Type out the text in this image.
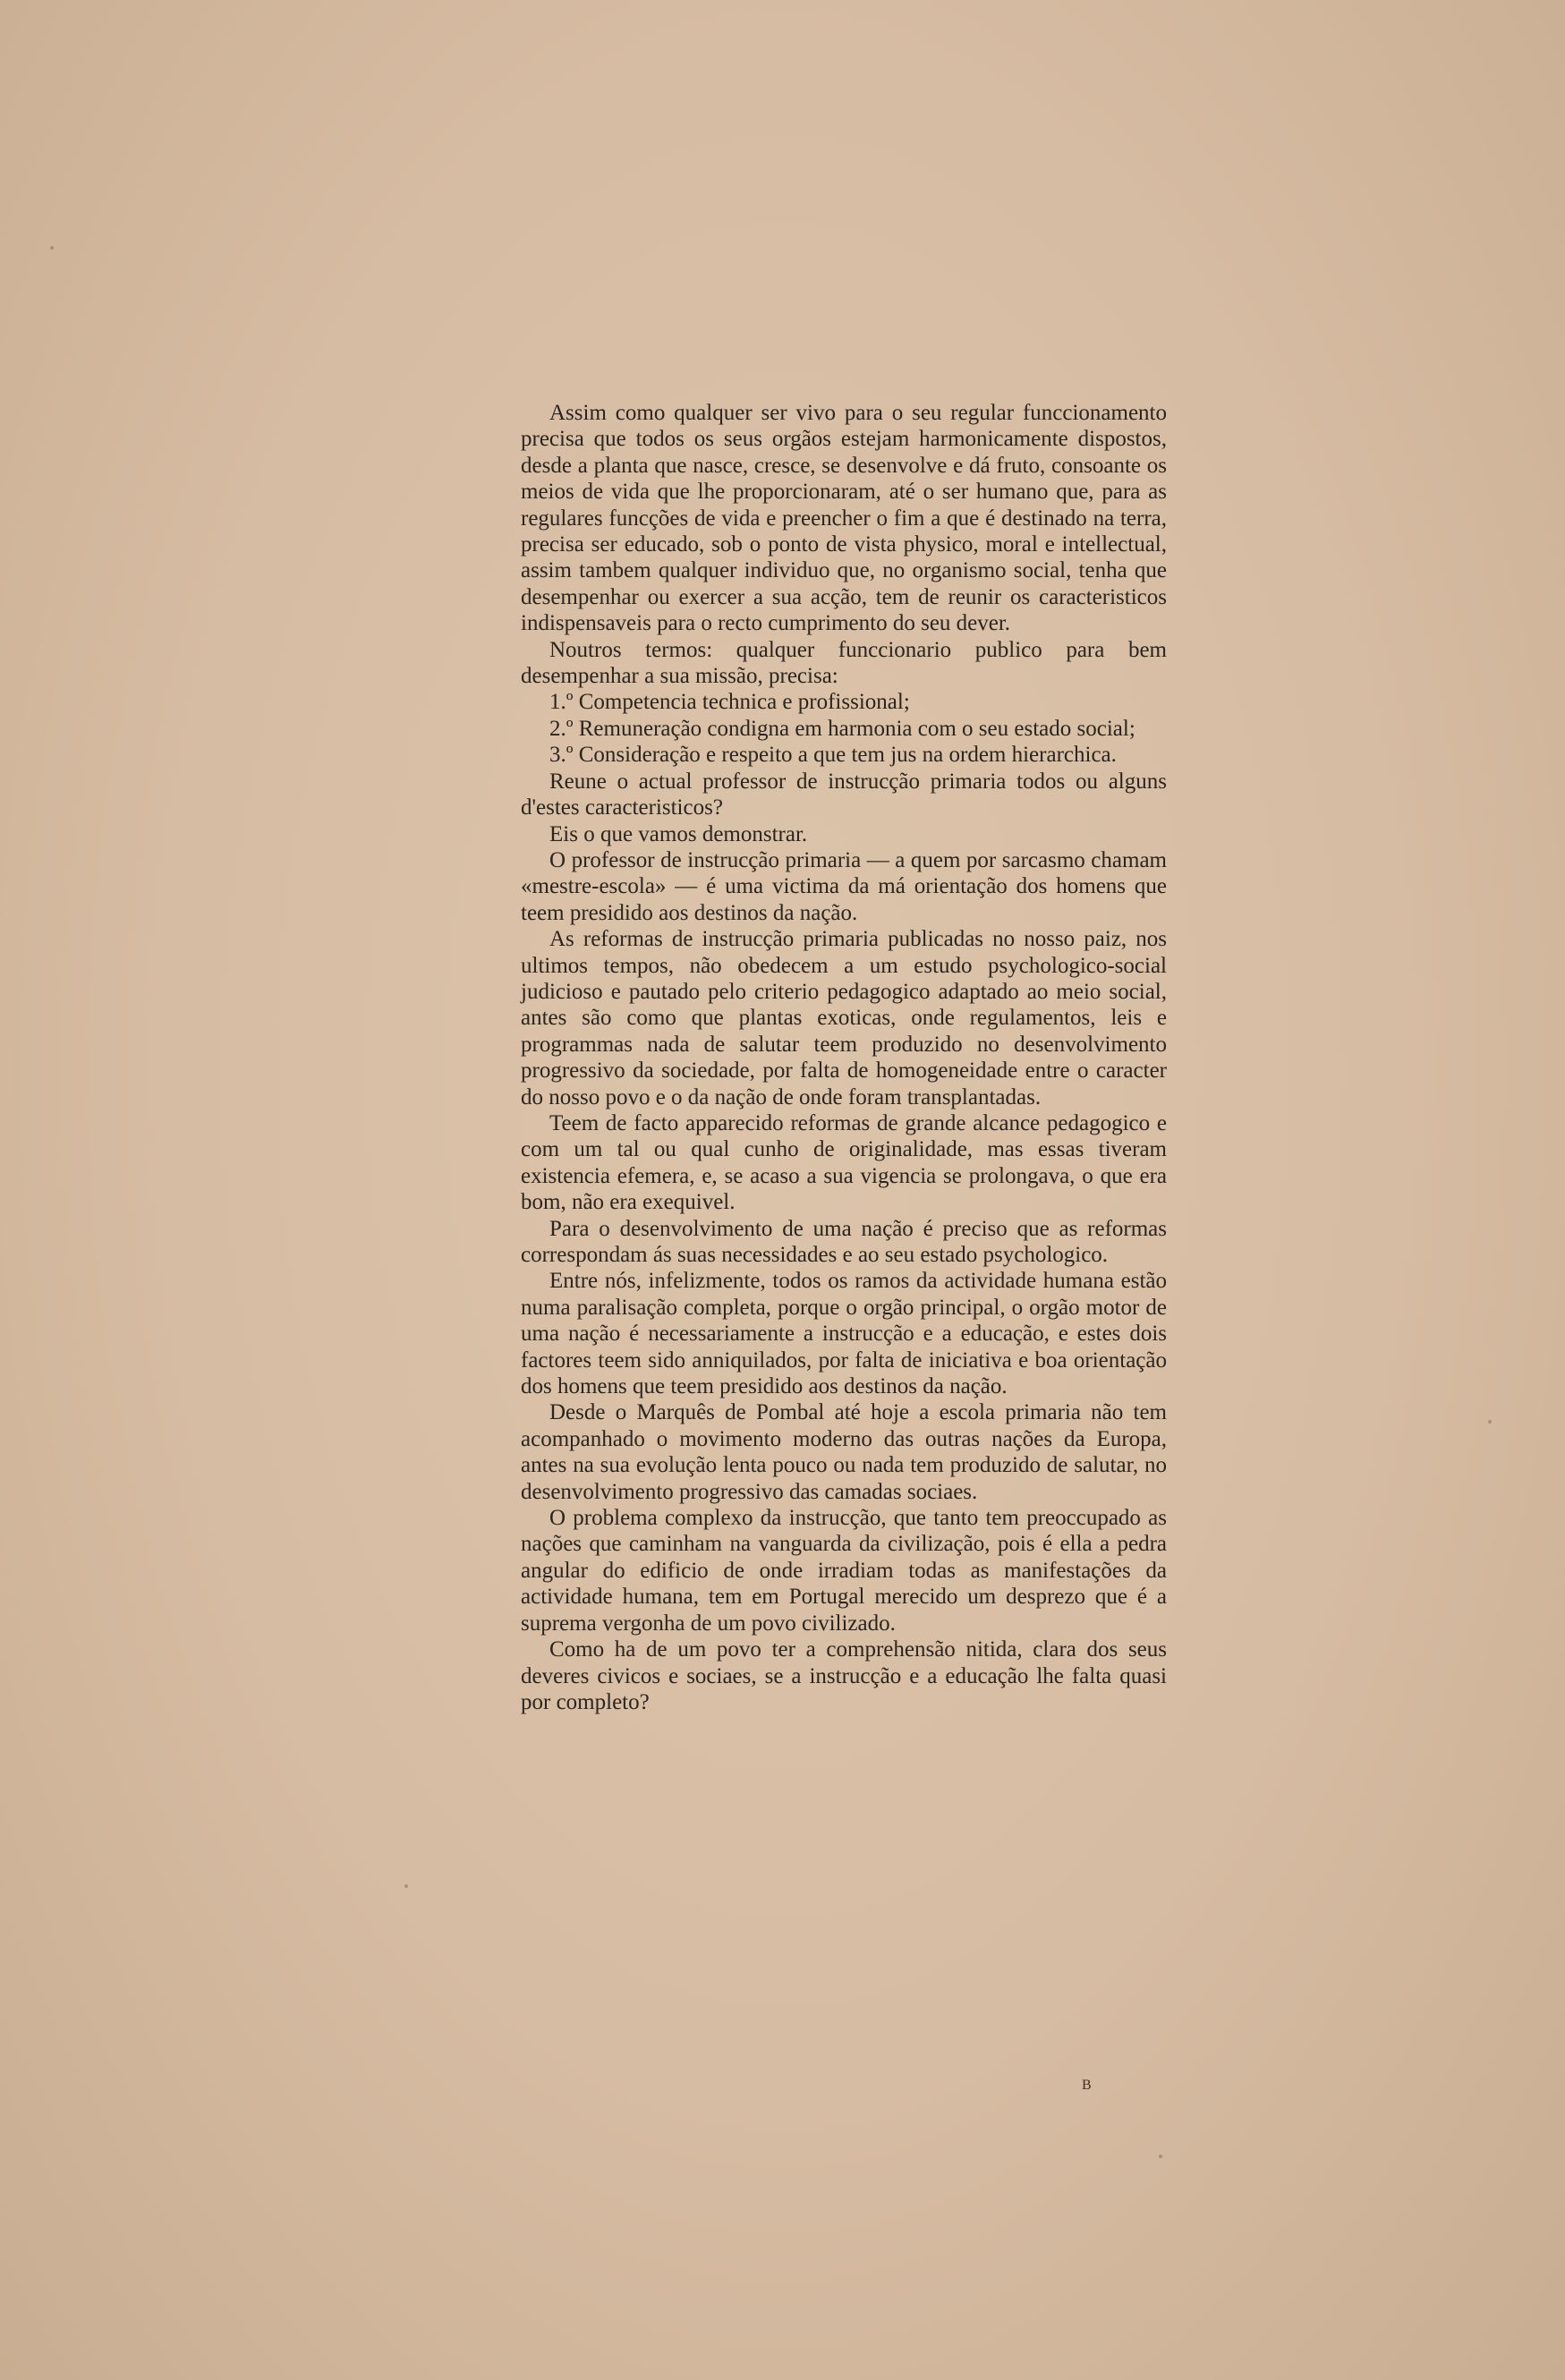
Assim como qualquer ser vivo para o seu regular funccionamento precisa que todos os seus orgãos estejam harmonicamente dispostos, desde a planta que nasce, cresce, se desenvolve e dá fruto, consoante os meios de vida que lhe proporcionaram, até o ser humano que, para as regulares funcções de vida e preencher o fim a que é destinado na terra, precisa ser educado, sob o ponto de vista physico, moral e intellectual, assim tambem qualquer individuo que, no organismo social, tenha que desempenhar ou exercer a sua acção, tem de reunir os caracteristicos indispensaveis para o recto cumprimento do seu dever.

Noutros termos: qualquer funccionario publico para bem desempenhar a sua missão, precisa:

1.º Competencia technica e profissional;

2.º Remuneração condigna em harmonia com o seu estado social;

3.º Consideração e respeito a que tem jus na ordem hierarchica.

Reune o actual professor de instrucção primaria todos ou alguns d'estes caracteristicos?

Eis o que vamos demonstrar.

O professor de instrucção primaria — a quem por sarcasmo chamam «mestre-escola» — é uma victima da má orientação dos homens que teem presidido aos destinos da nação.

As reformas de instrucção primaria publicadas no nosso paiz, nos ultimos tempos, não obedecem a um estudo psychologico-social judicioso e pautado pelo criterio pedagogico adaptado ao meio social, antes são como que plantas exoticas, onde regulamentos, leis e programmas nada de salutar teem produzido no desenvolvimento progressivo da sociedade, por falta de homogeneidade entre o caracter do nosso povo e o da nação de onde foram transplantadas.

Teem de facto apparecido reformas de grande alcance pedagogico e com um tal ou qual cunho de originalidade, mas essas tiveram existencia efemera, e, se acaso a sua vigencia se prolongava, o que era bom, não era exequivel.

Para o desenvolvimento de uma nação é preciso que as reformas correspondam ás suas necessidades e ao seu estado psychologico.

Entre nós, infelizmente, todos os ramos da actividade humana estão numa paralisação completa, porque o orgão principal, o orgão motor de uma nação é necessariamente a instrucção e a educação, e estes dois factores teem sido anniquilados, por falta de iniciativa e boa orientação dos homens que teem presidido aos destinos da nação.

Desde o Marquês de Pombal até hoje a escola primaria não tem acompanhado o movimento moderno das outras nações da Europa, antes na sua evolução lenta pouco ou nada tem produzido de salutar, no desenvolvimento progressivo das camadas sociaes.

O problema complexo da instrucção, que tanto tem preoccupado as nações que caminham na vanguarda da civilização, pois é ella a pedra angular do edificio de onde irradiam todas as manifestações da actividade humana, tem em Portugal merecido um desprezo que é a suprema vergonha de um povo civilizado.

Como ha de um povo ter a comprehensão nitida, clara dos seus deveres civicos e sociaes, se a instrucção e a educação lhe falta quasi por completo?

B
